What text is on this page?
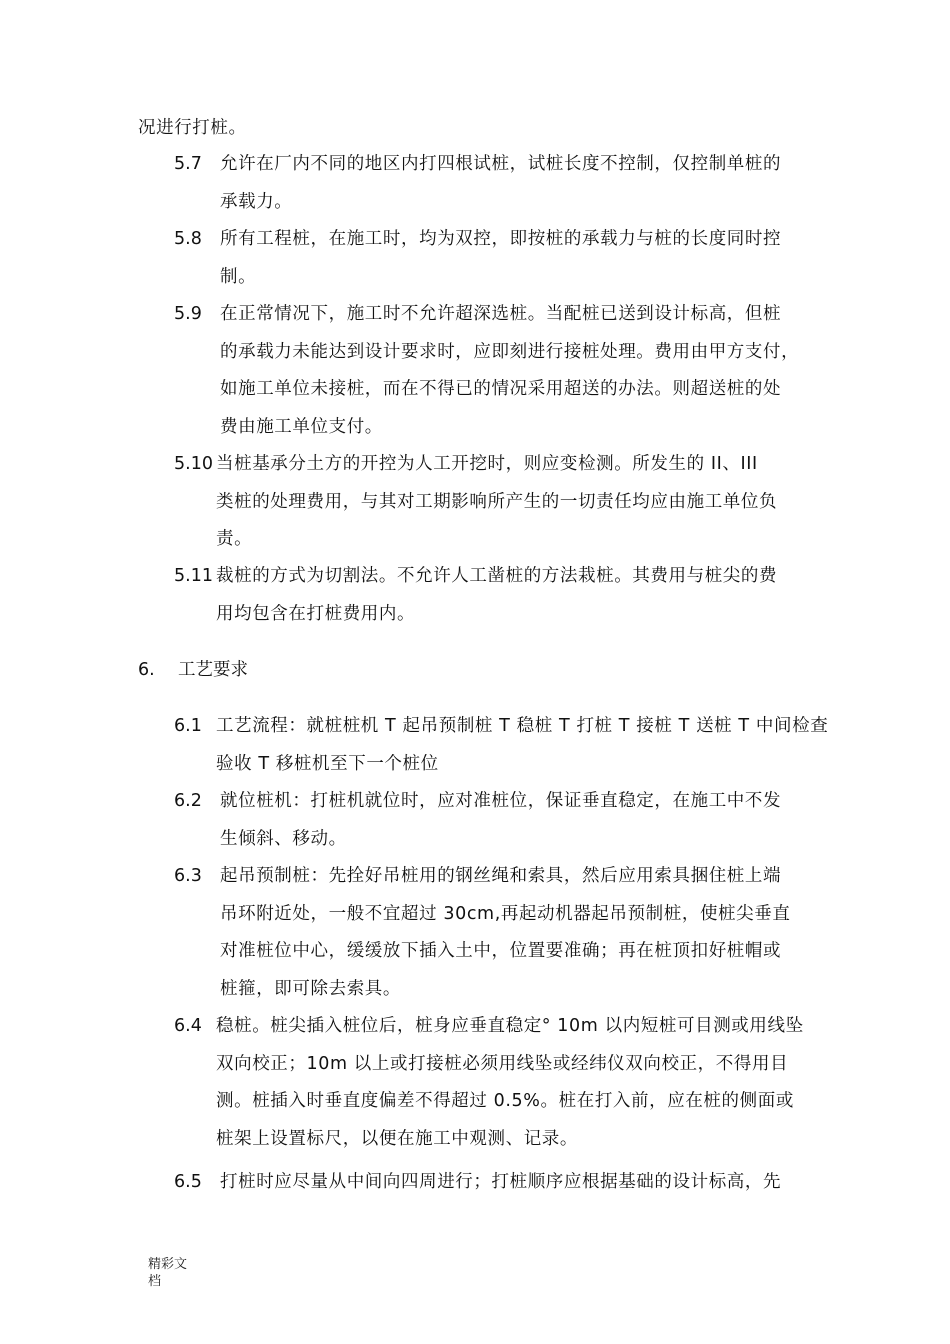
况进行打桩。
5.7	允许在厂内不同的地区内打四根试桩，试桩长度不控制，仅控制单桩的
承载力。
5.8	所有工程桩，在施工时，均为双控，即按桩的承载力与桩的长度同时控
制。
5.9	在正常情况下，施工时不允许超深选桩。当配桩已送到设计标高，但桩
的承载力未能达到设计要求时，应即刻进行接桩处理。费用由甲方支付，
如施工单位未接桩，而在不得已的情况采用超送的办法。则超送桩的处
费由施工单位支付。
5.10 当桩基承分土方的开控为人工开挖时，则应变检测。所发生的 II、III
类桩的处理费用，与其对工期影响所产生的一切责任均应由施工单位负
责。
5.11 裁桩的方式为切割法。不允许人工凿桩的方法栽桩。其费用与桩尖的费
用均包含在打桩费用内。
6. 工艺要求
6.1 工艺流程：就桩桩机 T 起吊预制桩 T 稳桩 T 打桩 T 接桩 T 送桩 T 中间检查
验收 T 移桩机至下一个桩位
6.2	就位桩机：打桩机就位时，应对准桩位，保证垂直稳定，在施工中不发
生倾斜、移动。
6.3	起吊预制桩：先拴好吊桩用的钢丝绳和索具，然后应用索具捆住桩上端
吊环附近处，一般不宜超过 30cm,再起动机器起吊预制桩，使桩尖垂直
对准桩位中心，缓缓放下插入土中，位置要准确；再在桩顶扣好桩帽或
桩箍，即可除去索具。
6.4 稳桩。桩尖插入桩位后，桩身应垂直稳定° 10m 以内短桩可目测或用线坠
双向校正；10m 以上或打接桩必须用线坠或经纬仪双向校正，不得用目
测。桩插入时垂直度偏差不得超过 0.5%。桩在打入前，应在桩的侧面或
桩架上设置标尺，以便在施工中观测、记录。
6.5	打桩时应尽量从中间向四周进行；打桩顺序应根据基础的设计标高，先
精彩文
档
